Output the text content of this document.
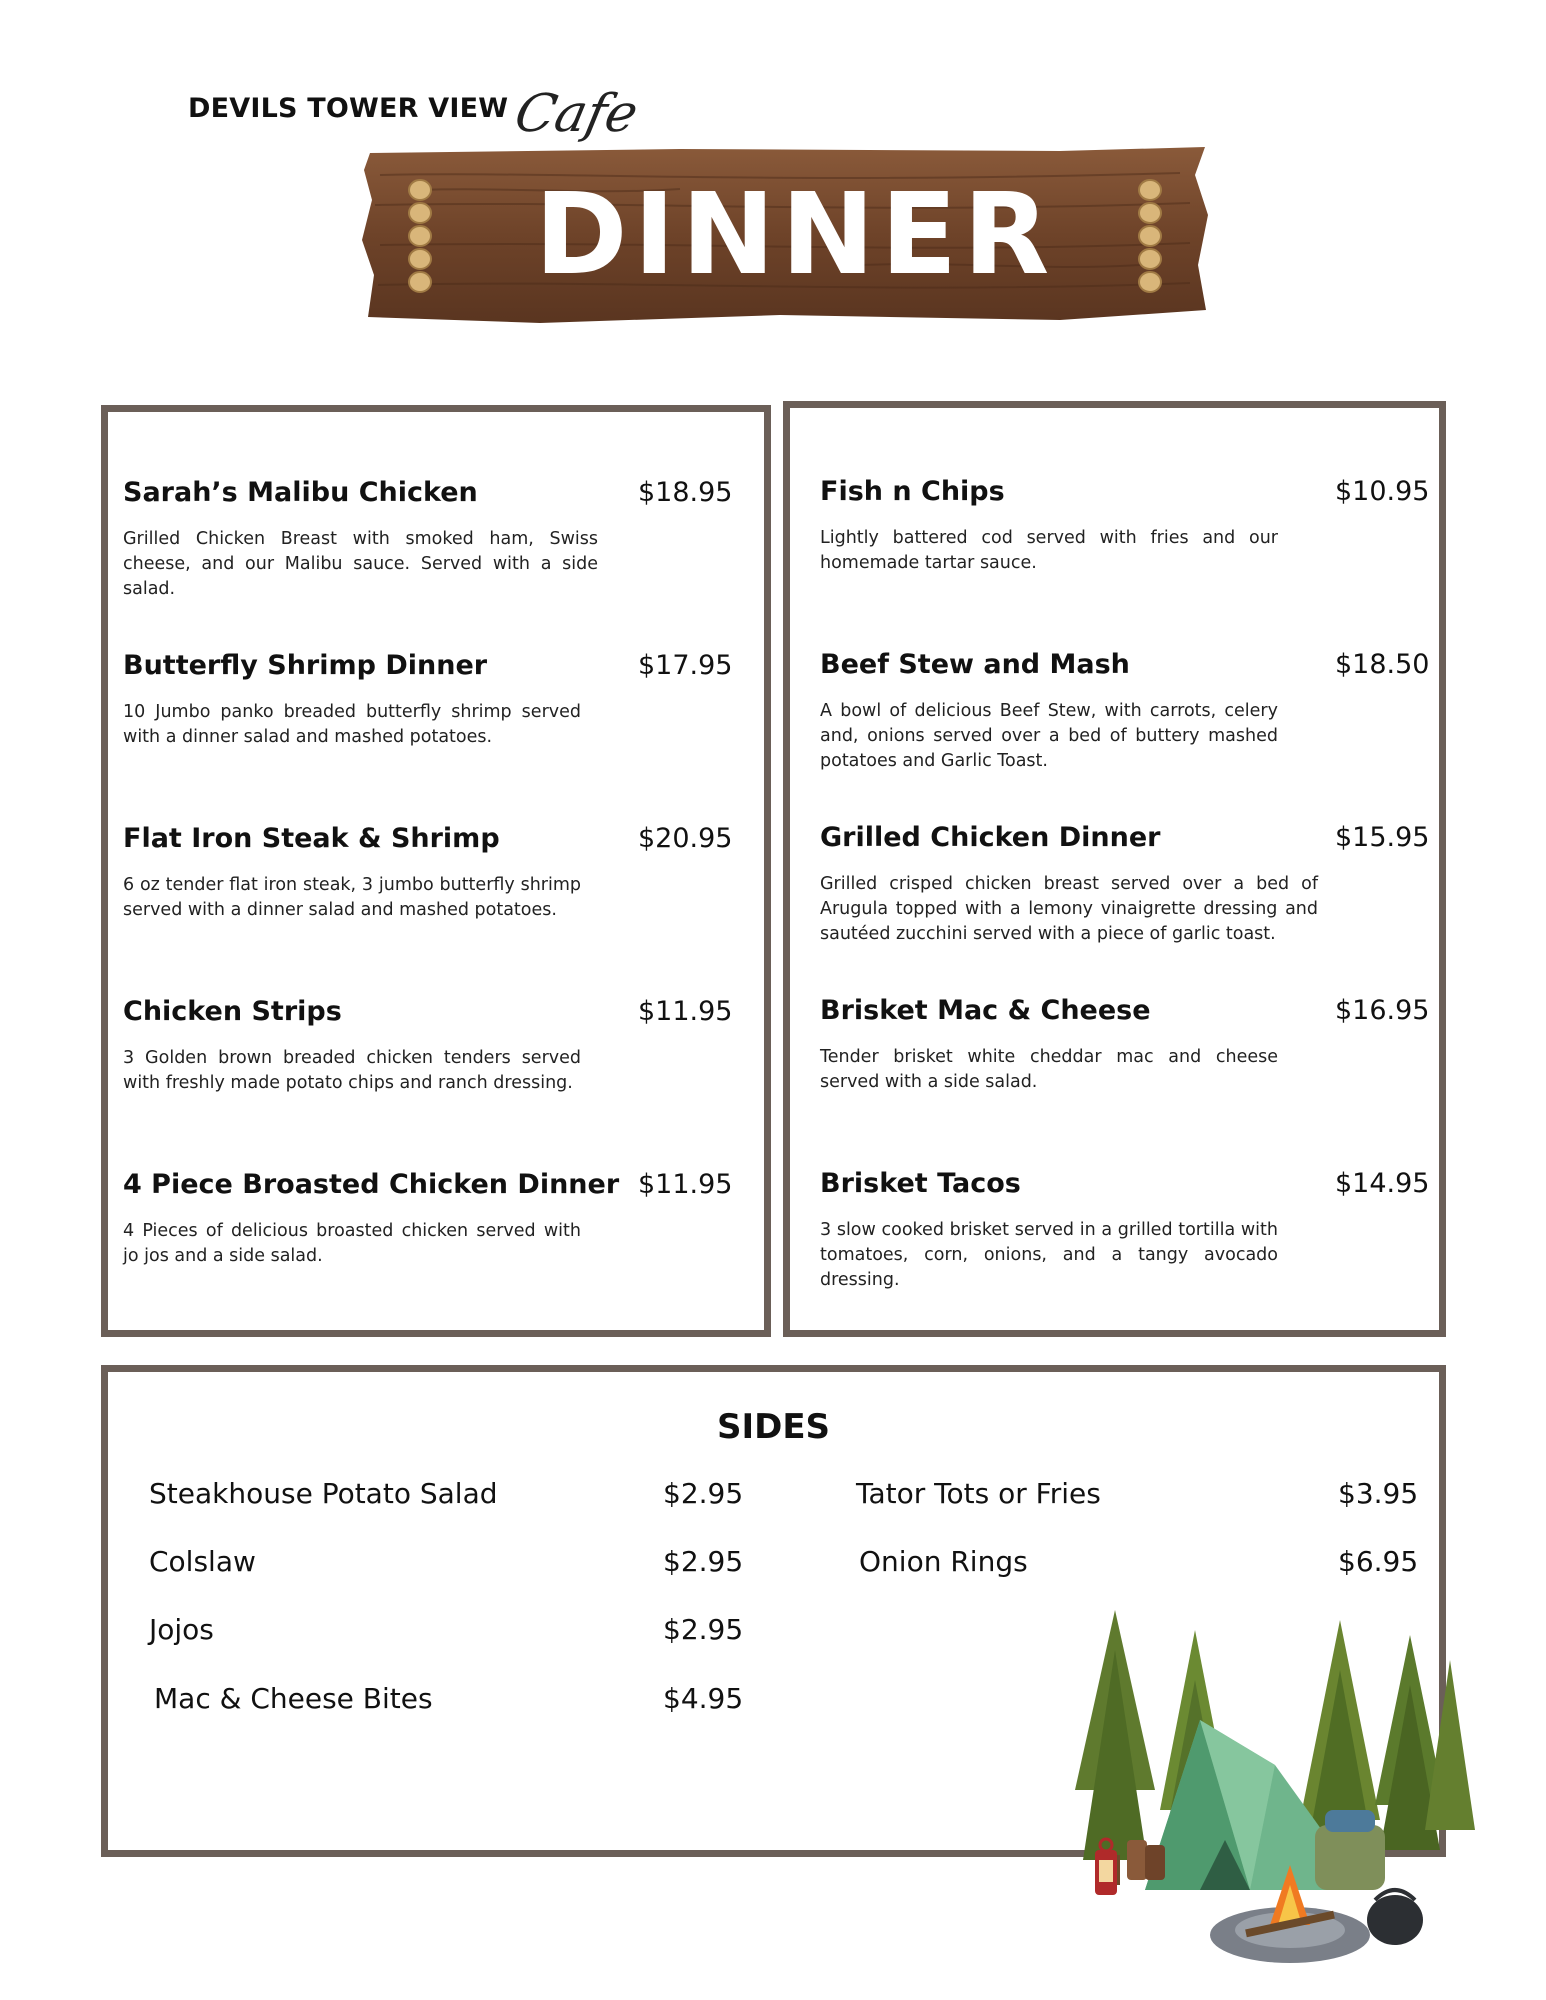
DEVILS TOWER VIEW Cafe
DINNER
Sarah’s Malibu Chicken	$18.95
Grilled Chicken Breast with smoked ham, Swiss cheese, and our Malibu sauce. Served with a side salad.
Butterfly Shrimp Dinner	$17.95
10 Jumbo panko breaded butterfly shrimp served with a dinner salad and mashed potatoes.
Flat Iron Steak & Shrimp	$20.95
6 oz tender flat iron steak, 3 jumbo butterfly shrimp served with a dinner salad and mashed potatoes.
Chicken Strips	$11.95
3 Golden brown breaded chicken tenders served with freshly made potato chips and ranch dressing.
4 Piece Broasted Chicken Dinner $11.95
4 Pieces of delicious broasted chicken served with jo jos and a side salad.
Fish n Chips	$10.95
Lightly battered cod served with fries and our homemade tartar sauce.
Beef Stew and Mash	$18.50
A bowl of delicious Beef Stew, with carrots, celery and, onions served over a bed of buttery mashed potatoes and Garlic Toast.
Grilled Chicken Dinner	$15.95
Grilled crisped chicken breast served over a bed of Arugula topped with a lemony vinaigrette dressing and sautéed zucchini served with a piece of garlic toast.
Brisket Mac & Cheese	$16.95
Tender brisket white cheddar mac and cheese served with a side salad.
Brisket Tacos	$14.95
3 slow cooked brisket served in a grilled tortilla with tomatoes, corn, onions, and a tangy avocado dressing.
SIDES
Steakhouse Potato Salad	$2.95
Colslaw	$2.95
Jojos	$2.95
Mac & Cheese Bites	$4.95
Tator Tots or Fries	$3.95
Onion Rings	$6.95
